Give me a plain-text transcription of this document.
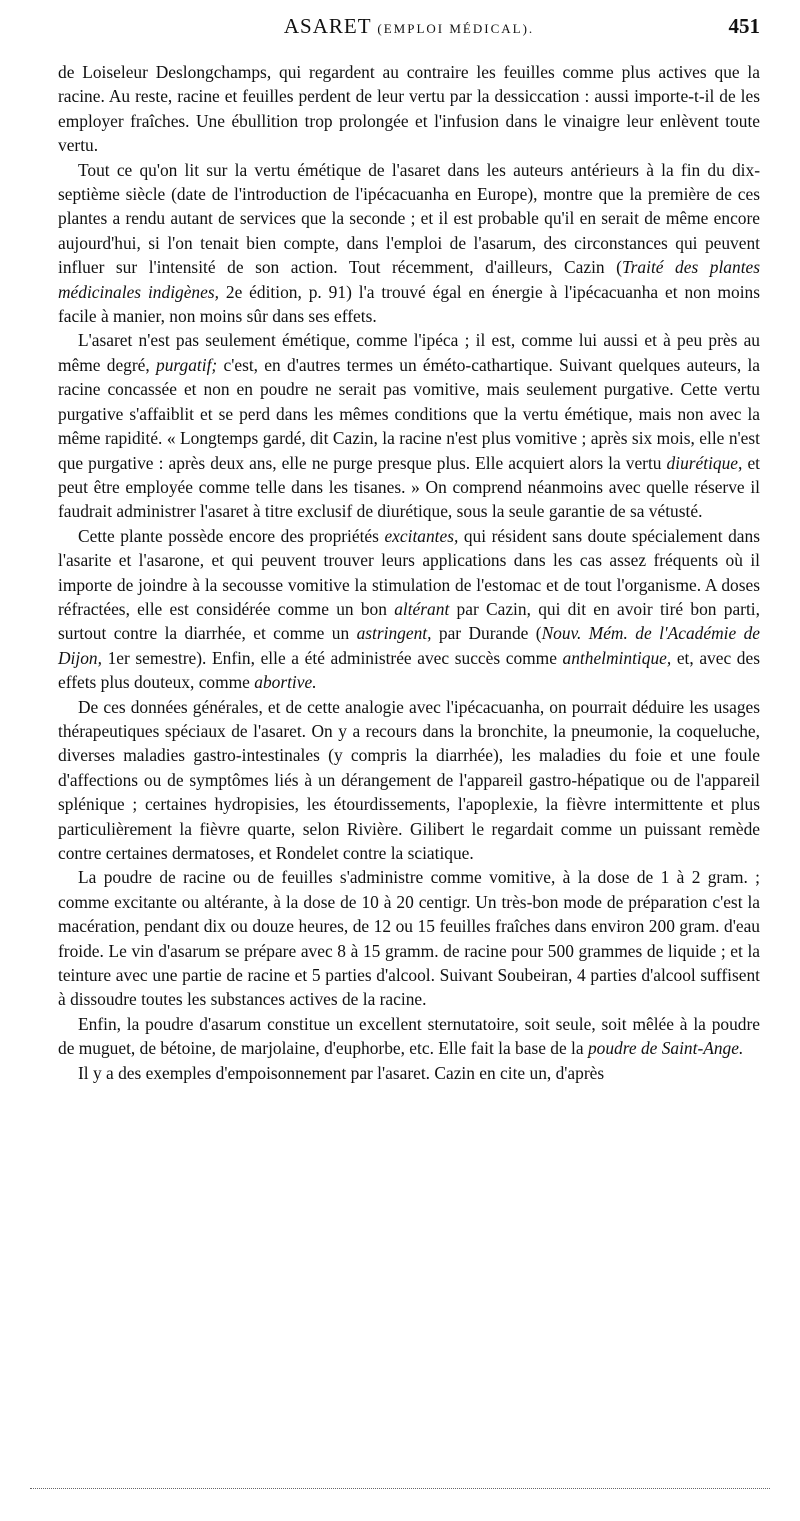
ASARET (EMPLOI MÉDICAL).	451

de Loiseleur Deslongchamps, qui regardent au contraire les feuilles comme plus actives que la racine. Au reste, racine et feuilles perdent de leur vertu par la dessiccation : aussi importe-t-il de les employer fraîches. Une ébullition trop prolongée et l'infusion dans le vinaigre leur enlèvent toute vertu.

Tout ce qu'on lit sur la vertu émétique de l'asaret dans les auteurs antérieurs à la fin du dix-septième siècle (date de l'introduction de l'ipécacuanha en Europe), montre que la première de ces plantes a rendu autant de services que la seconde ; et il est probable qu'il en serait de même encore aujourd'hui, si l'on tenait bien compte, dans l'emploi de l'asarum, des circonstances qui peuvent influer sur l'intensité de son action. Tout récemment, d'ailleurs, Cazin (Traité des plantes médicinales indigènes, 2e édition, p. 91) l'a trouvé égal en énergie à l'ipécacuanha et non moins facile à manier, non moins sûr dans ses effets.

L'asaret n'est pas seulement émétique, comme l'ipéca ; il est, comme lui aussi et à peu près au même degré, purgatif; c'est, en d'autres termes un éméto-cathartique. Suivant quelques auteurs, la racine concassée et non en poudre ne serait pas vomitive, mais seulement purgative. Cette vertu purgative s'affaiblit et se perd dans les mêmes conditions que la vertu émétique, mais non avec la même rapidité. « Longtemps gardé, dit Cazin, la racine n'est plus vomitive ; après six mois, elle n'est que purgative : après deux ans, elle ne purge presque plus. Elle acquiert alors la vertu diurétique, et peut être employée comme telle dans les tisanes. » On comprend néanmoins avec quelle réserve il faudrait administrer l'asaret à titre exclusif de diurétique, sous la seule garantie de sa vétusté.

Cette plante possède encore des propriétés excitantes, qui résident sans doute spécialement dans l'asarite et l'asarone, et qui peuvent trouver leurs applications dans les cas assez fréquents où il importe de joindre à la secousse vomitive la stimulation de l'estomac et de tout l'organisme. A doses réfractées, elle est considérée comme un bon altérant par Cazin, qui dit en avoir tiré bon parti, surtout contre la diarrhée, et comme un astringent, par Durande (Nouv. Mém. de l'Académie de Dijon, 1er semestre). Enfin, elle a été administrée avec succès comme anthelmintique, et, avec des effets plus douteux, comme abortive.

De ces données générales, et de cette analogie avec l'ipécacuanha, on pourrait déduire les usages thérapeutiques spéciaux de l'asaret. On y a recours dans la bronchite, la pneumonie, la coqueluche, diverses maladies gastro-intestinales (y compris la diarrhée), les maladies du foie et une foule d'affections ou de symptômes liés à un dérangement de l'appareil gastro-hépatique ou de l'appareil splénique ; certaines hydropisies, les étourdissements, l'apoplexie, la fièvre intermittente et plus particulièrement la fièvre quarte, selon Rivière. Gilibert le regardait comme un puissant remède contre certaines dermatoses, et Rondelet contre la sciatique.

La poudre de racine ou de feuilles s'administre comme vomitive, à la dose de 1 à 2 gram. ; comme excitante ou altérante, à la dose de 10 à 20 centigr. Un très-bon mode de préparation c'est la macération, pendant dix ou douze heures, de 12 ou 15 feuilles fraîches dans environ 200 gram. d'eau froide. Le vin d'asarum se prépare avec 8 à 15 gramm. de racine pour 500 grammes de liquide ; et la teinture avec une partie de racine et 5 parties d'alcool. Suivant Soubeiran, 4 parties d'alcool suffisent à dissoudre toutes les substances actives de la racine.

Enfin, la poudre d'asarum constitue un excellent sternutatoire, soit seule, soit mêlée à la poudre de muguet, de bétoine, de marjolaine, d'euphorbe, etc. Elle fait la base de la poudre de Saint-Ange.

Il y a des exemples d'empoisonnement par l'asaret. Cazin en cite un, d'après
